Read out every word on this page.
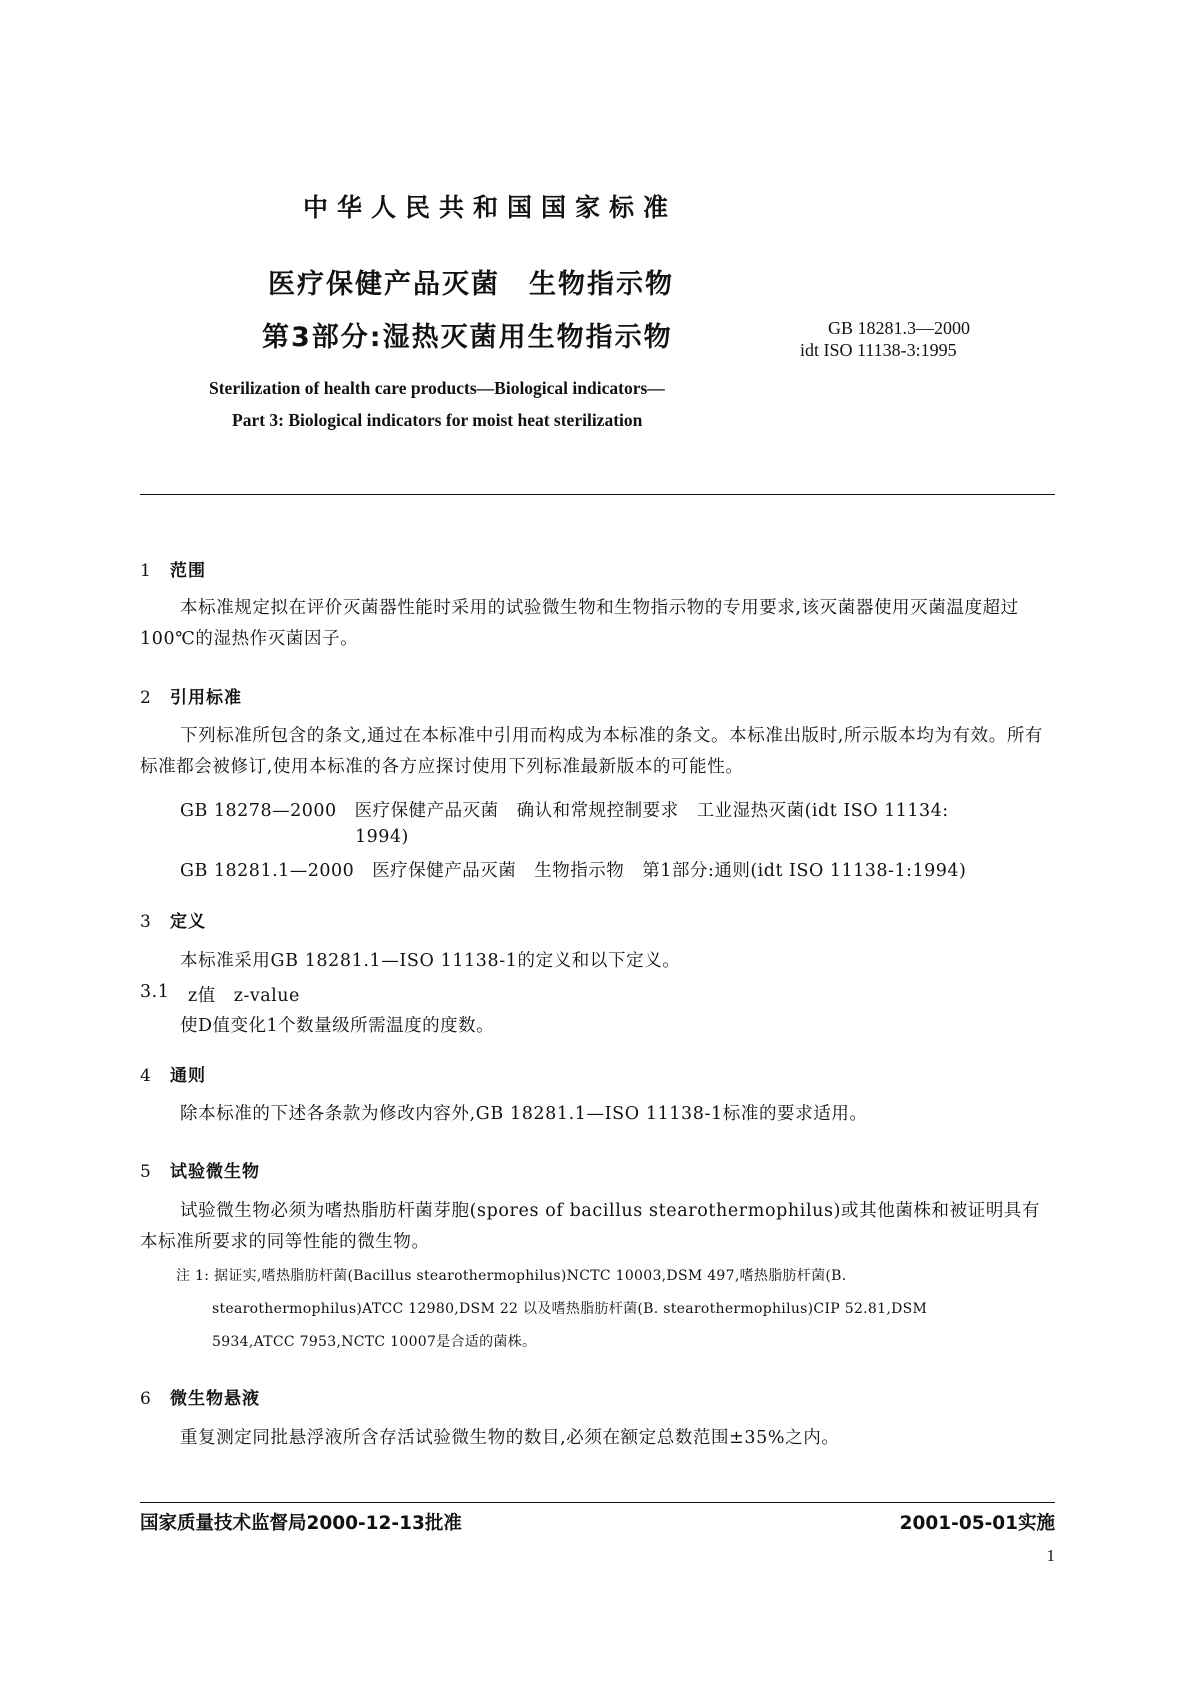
中华人民共和国国家标准
医疗保健产品灭菌　生物指示物
第3部分:湿热灭菌用生物指示物	GB 18281.3—2000
idt ISO 11138-3:1995
Sterilization of health care products—Biological indicators—
Part 3: Biological indicators for moist heat sterilization
1 范围
本标准规定拟在评价灭菌器性能时采用的试验微生物和生物指示物的专用要求,该灭菌器使用灭菌温度超过100℃的湿热作灭菌因子。
2 引用标准
下列标准所包含的条文,通过在本标准中引用而构成为本标准的条文。本标准出版时,所示版本均为有效。所有标准都会被修订,使用本标准的各方应探讨使用下列标准最新版本的可能性。
GB 18278—2000　医疗保健产品灭菌　确认和常规控制要求　工业湿热灭菌(idt ISO 11134:
1994)
GB 18281.1—2000　医疗保健产品灭菌　生物指示物　第1部分:通则(idt ISO 11138-1:1994)
3 定义
本标准采用GB 18281.1—ISO 11138-1的定义和以下定义。
3.1 z值　z-value
使D值变化1个数量级所需温度的度数。
4 通则
除本标准的下述各条款为修改内容外,GB 18281.1—ISO 11138-1标准的要求适用。
5 试验微生物
试验微生物必须为嗜热脂肪杆菌芽胞(spores of bacillus stearothermophilus)或其他菌株和被证明具有本标准所要求的同等性能的微生物。
注 1: 据证实,嗜热脂肪杆菌(Bacillus stearothermophilus)NCTC 10003,DSM 497,嗜热脂肪杆菌(B.
stearothermophilus)ATCC 12980,DSM 22 以及嗜热脂肪杆菌(B. stearothermophilus)CIP 52.81,DSM
5934,ATCC 7953,NCTC 10007是合适的菌株。
6 微生物悬液
重复测定同批悬浮液所含存活试验微生物的数目,必须在额定总数范围±35%之内。
国家质量技术监督局2000-12-13批准	2001-05-01实施
1
